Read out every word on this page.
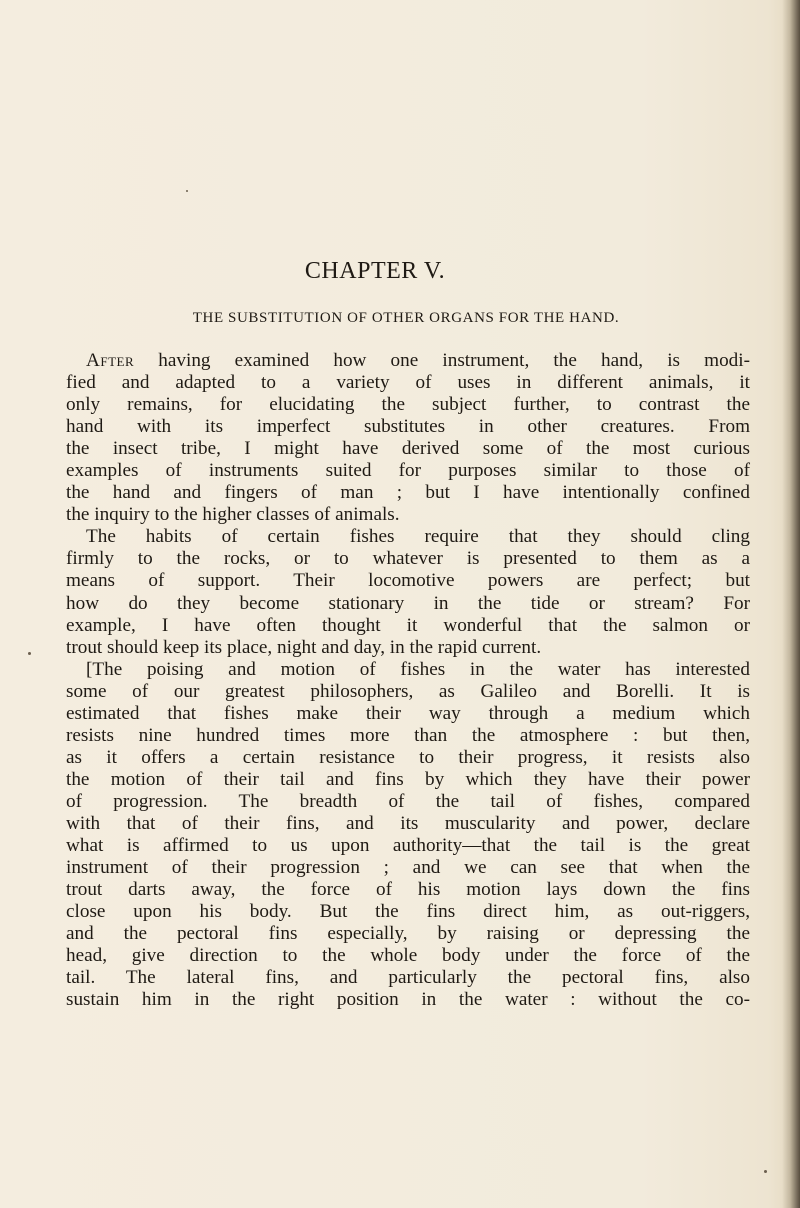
CHAPTER V.
THE SUBSTITUTION OF OTHER ORGANS FOR THE HAND.
After having examined how one instrument, the hand, is modi-
fied and adapted to a variety of uses in different animals, it
only remains, for elucidating the subject further, to contrast the
hand with its imperfect substitutes in other creatures. From
the insect tribe, I might have derived some of the most curious
examples of instruments suited for purposes similar to those of
the hand and fingers of man ; but I have intentionally confined
the inquiry to the higher classes of animals.
The habits of certain fishes require that they should cling
firmly to the rocks, or to whatever is presented to them as a
means of support. Their locomotive powers are perfect; but
how do they become stationary in the tide or stream? For
example, I have often thought it wonderful that the salmon or
trout should keep its place, night and day, in the rapid current.
[The poising and motion of fishes in the water has interested
some of our greatest philosophers, as Galileo and Borelli. It is
estimated that fishes make their way through a medium which
resists nine hundred times more than the atmosphere : but then,
as it offers a certain resistance to their progress, it resists also
the motion of their tail and fins by which they have their power
of progression. The breadth of the tail of fishes, compared
with that of their fins, and its muscularity and power, declare
what is affirmed to us upon authority—that the tail is the great
instrument of their progression ; and we can see that when the
trout darts away, the force of his motion lays down the fins
close upon his body. But the fins direct him, as out-riggers,
and the pectoral fins especially, by raising or depressing the
head, give direction to the whole body under the force of the
tail. The lateral fins, and particularly the pectoral fins, also
sustain him in the right position in the water : without the co-
